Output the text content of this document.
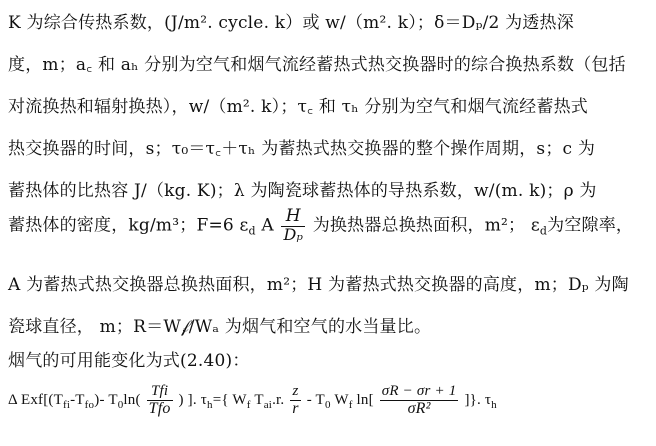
K 为综合传热系数，(J/m². cycle. k）或 w/（m². k）；δ＝Dₚ/2 为透热深
度，m；a꜀ 和 aₕ 分别为空气和烟气流经蓄热式热交换器时的综合换热系数（包括
对流换热和辐射换热），w/（m². k）；τ꜀ 和 τₕ 分别为空气和烟气流经蓄热式
热交换器的时间，s；τ₀＝τ꜀＋τₕ 为蓄热式热交换器的整个操作周期，s；c 为
蓄热体的比热容 J/（kg. K)；λ 为陶瓷球蓄热体的导热系数，w/(m. k)；ρ 为
蓄热体的密度，kg/m³；F=6 $\varepsilon_d$ A $\frac{H}{\text{Dₚ}}$ 为换热器总换热面积，m²； $\varepsilon_d$为空隙率，
A 为蓄热式热交换器总换热面积，m²；H 为蓄热式热交换器的高度，m；Dₚ 为陶
瓷球直径， m；R＝W𝒻/Wₐ 为烟气和空气的水当量比。
烟气的可用能变化为式(2.40)：
Δ $Exf[(T_{fi}-T_{fo})-$ $T_0\ln( \frac{\text{Tfi}}{\text{Tfo}}$ ) ]. $\tau_h=${ $W_f$ $T_{ai}.r$. $\frac{z}{r} - T_0$ $W_f$ $\ln[ \frac{\sigma R - \sigma r + 1}{\text{σR²}}$ ]}. $\tau_h$
